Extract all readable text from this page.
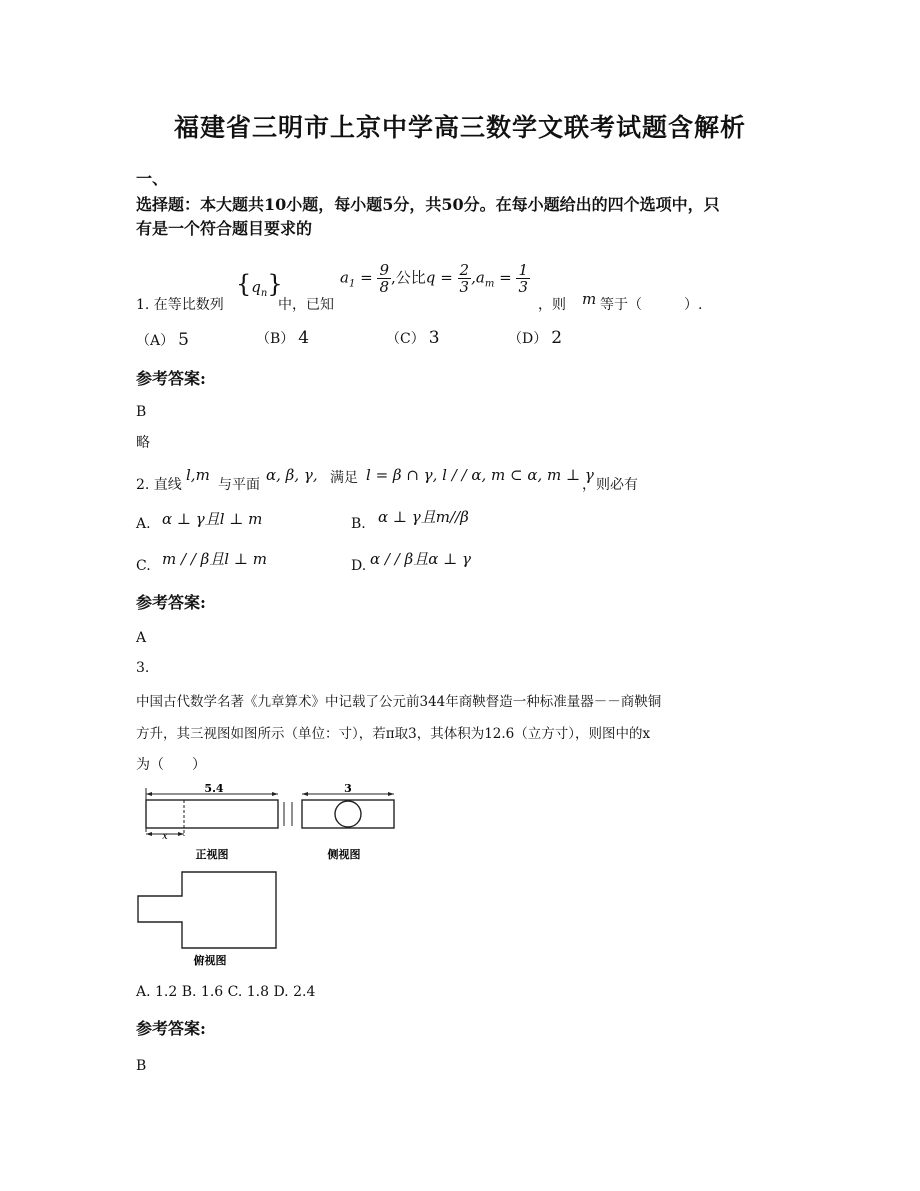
福建省三明市上京中学高三数学文联考试题含解析
一、
选择题：本大题共10小题，每小题5分，共50分。在每小题给出的四个选项中，只
有是一个符合题目要求的
1. 在等比数列
$\{q_n\}$
中，已知
$a_1 = \frac{9}{8}$ ,公比$q = \frac{2}{3} ,a_m = \frac{1}{3}$
，则 m 等于（　　　）.
（A） 5	（B） 4	（C） 3	（D） 2
参考答案:
B
略
2. 直线
l,m
与平面
α, β, γ, 满足 l = β ∩ γ, l / / α, m ⊂ α, m ⊥ γ
，则必有
A. α ⊥ γ且l ⊥ m	B. α ⊥ γ且m//β
C. m / / β且l ⊥ m	D. α / / β且α ⊥ γ
参考答案:
A
3.
中国古代数学名著《九章算术》中记载了公元前344年商鞅督造一种标准量器－－商鞅铜
方升，其三视图如图所示（单位：寸），若π取3，其体积为12.6（立方寸），则图中的x
为（　　）
5.4
x
正视图
3
侧视图
俯视图
A. 1.2 B. 1.6 C. 1.8 D. 2.4
参考答案:
B
